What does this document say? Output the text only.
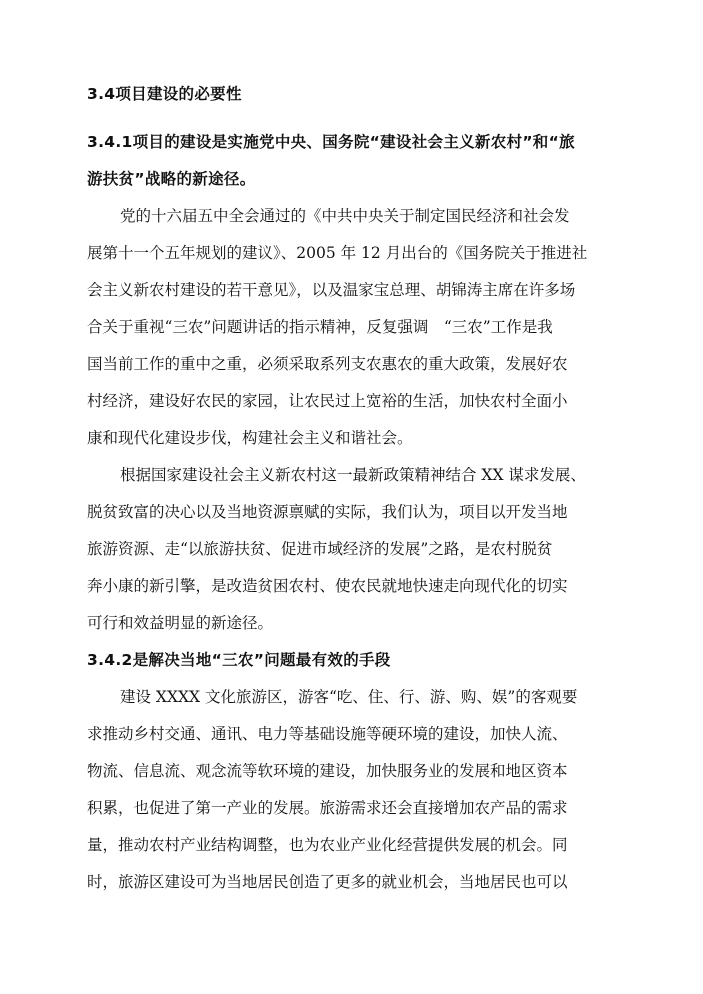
3.4项目建设的必要性
3.4.1项目的建设是实施党中央、国务院“建设社会主义新农村”和“旅
游扶贫”战略的新途径。

党的十六届五中全会通过的《中共中央关于制定国民经济和社会发

展第十一个五年规划的建议》、2005 年 12 月出台的《国务院关于推进社

会主义新农村建设的若干意见》，以及温家宝总理、胡锦涛主席在许多场

合关于重视“三农”问题讲话的指示精神，反复强调　“三农”工作是我

国当前工作的重中之重，必须采取系列支农惠农的重大政策，发展好农

村经济，建设好农民的家园，让农民过上宽裕的生活，加快农村全面小

康和现代化建设步伐，构建社会主义和谐社会。

根据国家建设社会主义新农村这一最新政策精神结合 XX 谋求发展、

脱贫致富的决心以及当地资源禀赋的实际，我们认为，项目以开发当地

旅游资源、走“以旅游扶贫、促进市域经济的发展”之路，是农村脱贫

奔小康的新引擎，是改造贫困农村、使农民就地快速走向现代化的切实

可行和效益明显的新途径。

3.4.2是解决当地“三农”问题最有效的手段

建设 XXXX 文化旅游区，游客“吃、住、行、游、购、娱”的客观要

求推动乡村交通、通讯、电力等基础设施等硬环境的建设，加快人流、

物流、信息流、观念流等软环境的建设，加快服务业的发展和地区资本

积累，也促进了第一产业的发展。旅游需求还会直接增加农产品的需求

量，推动农村产业结构调整，也为农业产业化经营提供发展的机会。同

时，旅游区建设可为当地居民创造了更多的就业机会，当地居民也可以
